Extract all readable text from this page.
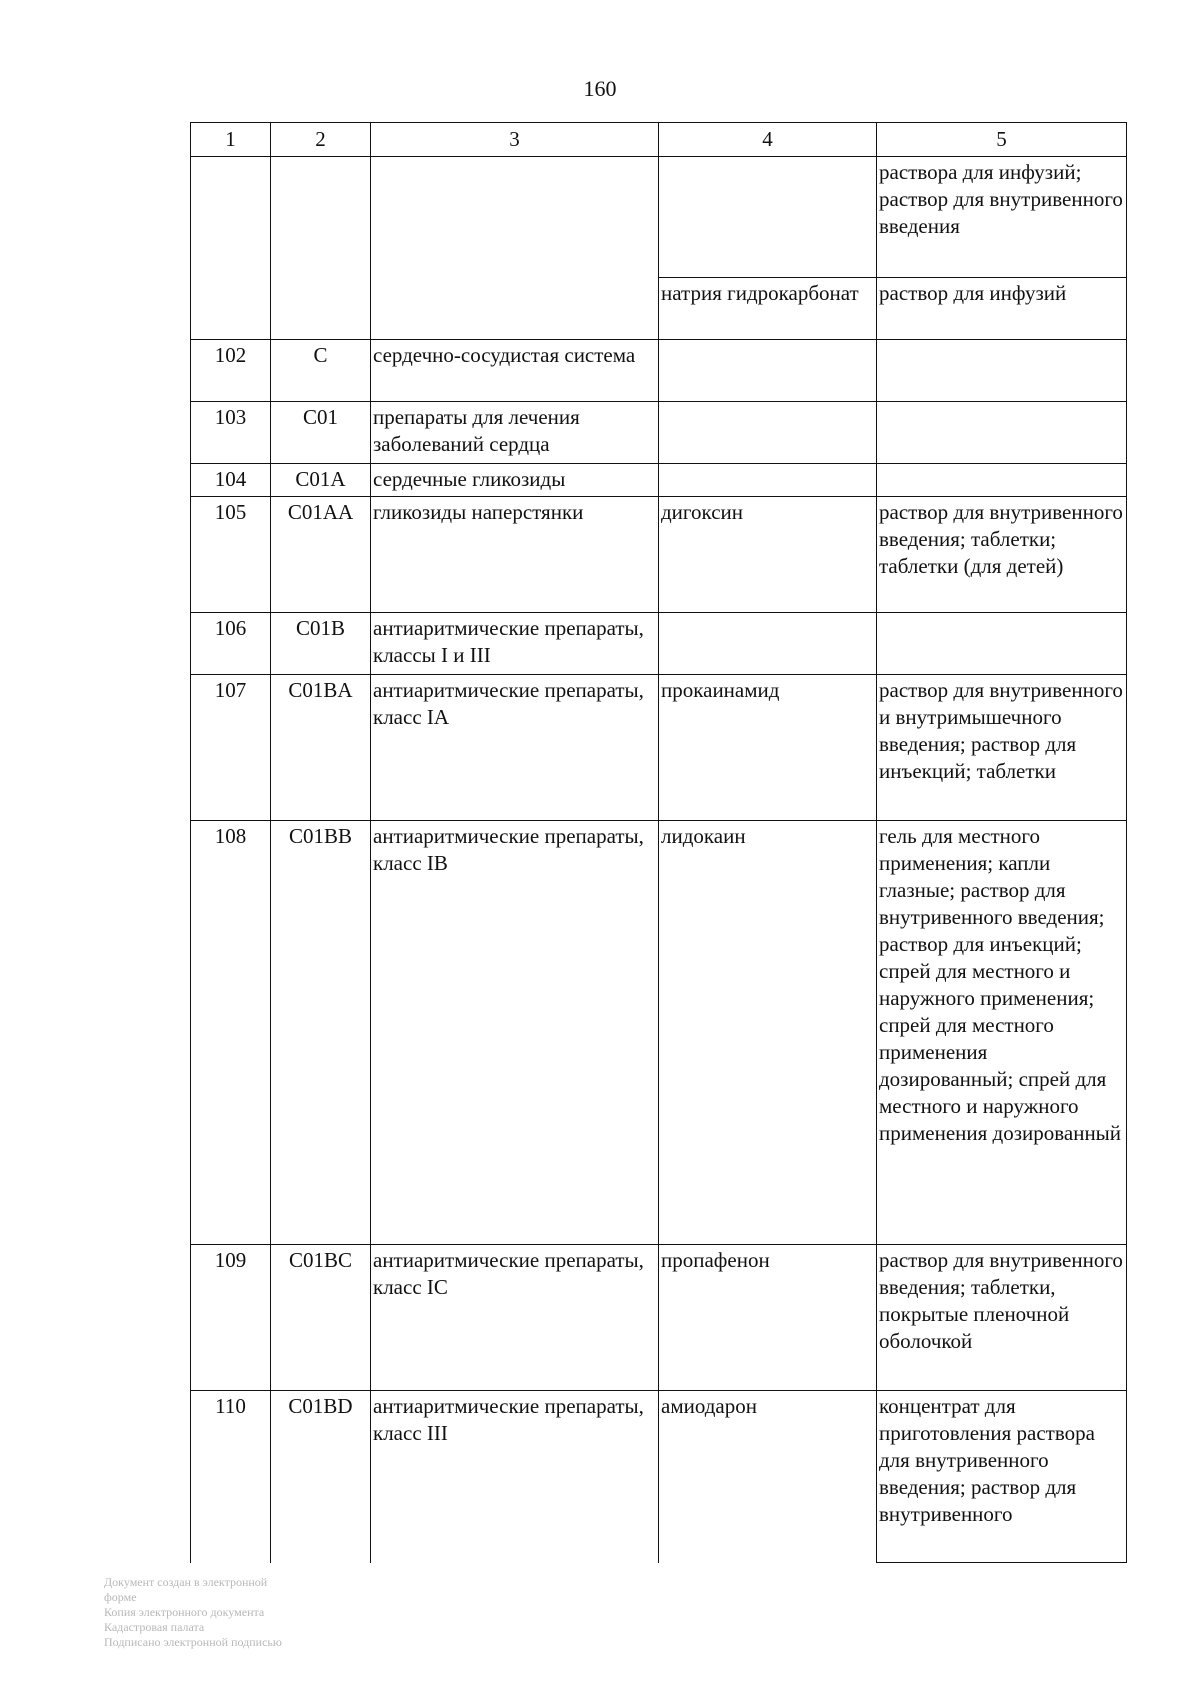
160
1	2	3	4	5
				раствора для инфузий; раствор для внутривенного введения
			натрия гидрокарбонат	раствор для инфузий
102	C	сердечно-сосудистая система		
103	C01	препараты для лечения заболеваний сердца		
104	C01A	сердечные гликозиды		
105	C01AA	гликозиды наперстянки	дигоксин	раствор для внутривенного введения; таблетки; таблетки (для детей)
106	C01B	антиаритмические препараты, классы I и III		
107	C01BA	антиаритмические препараты, класс IA	прокаинамид	раствор для внутривенного и внутримышечного введения; раствор для инъекций; таблетки
108	C01BB	антиаритмические препараты, класс IB	лидокаин	гель для местного применения; капли глазные; раствор для внутривенного введения; раствор для инъекций; спрей для местного и наружного применения; спрей для местного применения дозированный; спрей для местного и наружного применения дозированный
109	C01BC	антиаритмические препараты, класс IC	пропафенон	раствор для внутривенного введения; таблетки, покрытые пленочной оболочкой
110	C01BD	антиаритмические препараты, класс III	амиодарон	концентрат для приготовления раствора для внутривенного введения; раствор для внутривенного
Документ создан в электронной форме
Копия электронного документа
Кадастровая палата
Подписано электронной подписью
